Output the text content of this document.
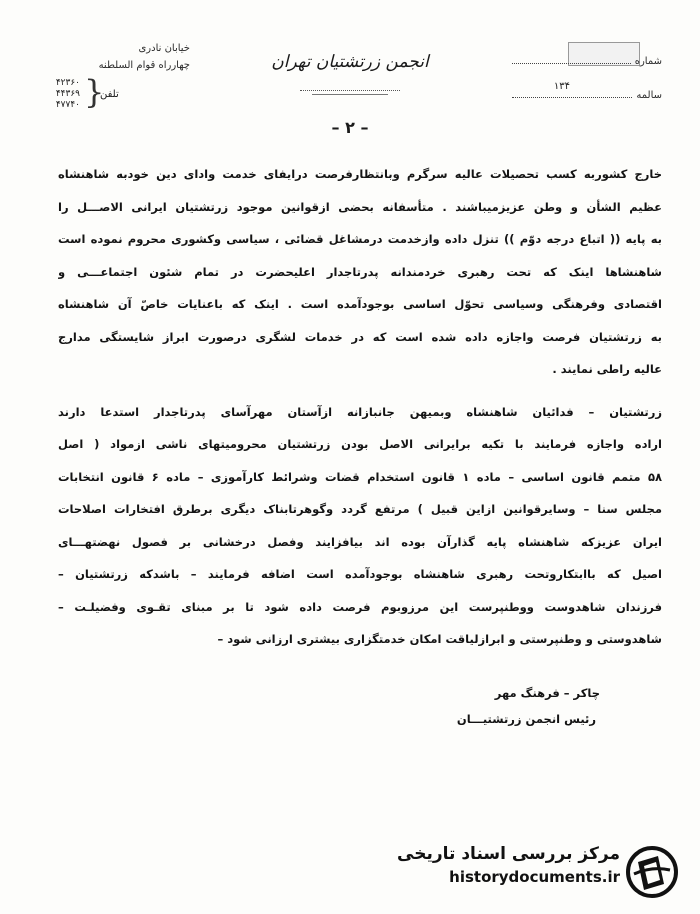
خیابان نادری
چهارراه قوام السلطنه
۴۲۳۶۰
۴۴۳۶۹
۴۷۷۴۰ }
تلفن
انجمن زرتشتیان تهران	شماره
سالمه
۱۳۴
– ۲ –
خارج کشوربه کسب تحصیلات عالیه سرگرم وبانتظارفرصت درایفای خدمت وادای دین خودبه شاهنشاه
عظیم الشأن و وطن عزیزمیباشند . متأسفانه بحضی ازقوانین موجود زرتشتیان ایرانی الاصـــل را
به پایه (( اتباع درجه دوّم )) تنزل داده وازخدمت درمشاغل قضائی ، سیاسی وکشوری محروم نموده است
شاهنشاها اینک که تحت رهبری خردمندانه پدرتاجدار اعلیحضرت در تمام شئون اجتماعـــی و
اقتصادی وفرهنگی وسیاسی تحوّل اساسی بوجودآمده است . اینک که باعنایات خاصّ آن شاهنشاه
به زرتشتیان فرصت واجازه داده شده است که در خدمات لشگری درصورت ابراز شایستگی مدارج
عالیه راطی نمایند .
زرتشتیان – فدائیان شاهنشاه وبمیهن جانبازانه ازآستان مهرآسای پدرتاجدار استدعا دارند
اراده واجازه فرمایند با تکیه برایرانی الاصل بودن زرتشتیان محرومیتهای ناشی ازمواد ( اصل
۵۸ متمم قانون اساسی – ماده ۱ قانون استخدام قضات وشرائط کارآموزی – ماده ۶ قانون انتخابات
مجلس سنا – وسایرقوانین ازاین قبیل ) مرتفع گردد وگوهرتابناک دیگری برطرق افتخارات اصلاحات
ایران عزیزکه شاهنشاه پایه گذارآن بوده اند بیافزایند وفصل درخشانی بر فصول نهضتهـــای
اصیل که باابتکاروتحت رهبری شاهنشاه بوجودآمده است اضافه فرمایند – باشدکه زرتشتیان –
فرزندان شاهدوست ووطنپرست این مرزوبوم فرصت داده شود تا بر مبنای تقـوی وفضیلـت –
شاهدوستی و وطنپرستی و ابرازلیاقت امکان خدمتگزاری بیشتری ارزانی شود –
چاکر – فرهنگ مهر
رئیس انجمن زرتشتیـــان
مرکز بررسی اسناد تاریخی
historydocuments.ir
